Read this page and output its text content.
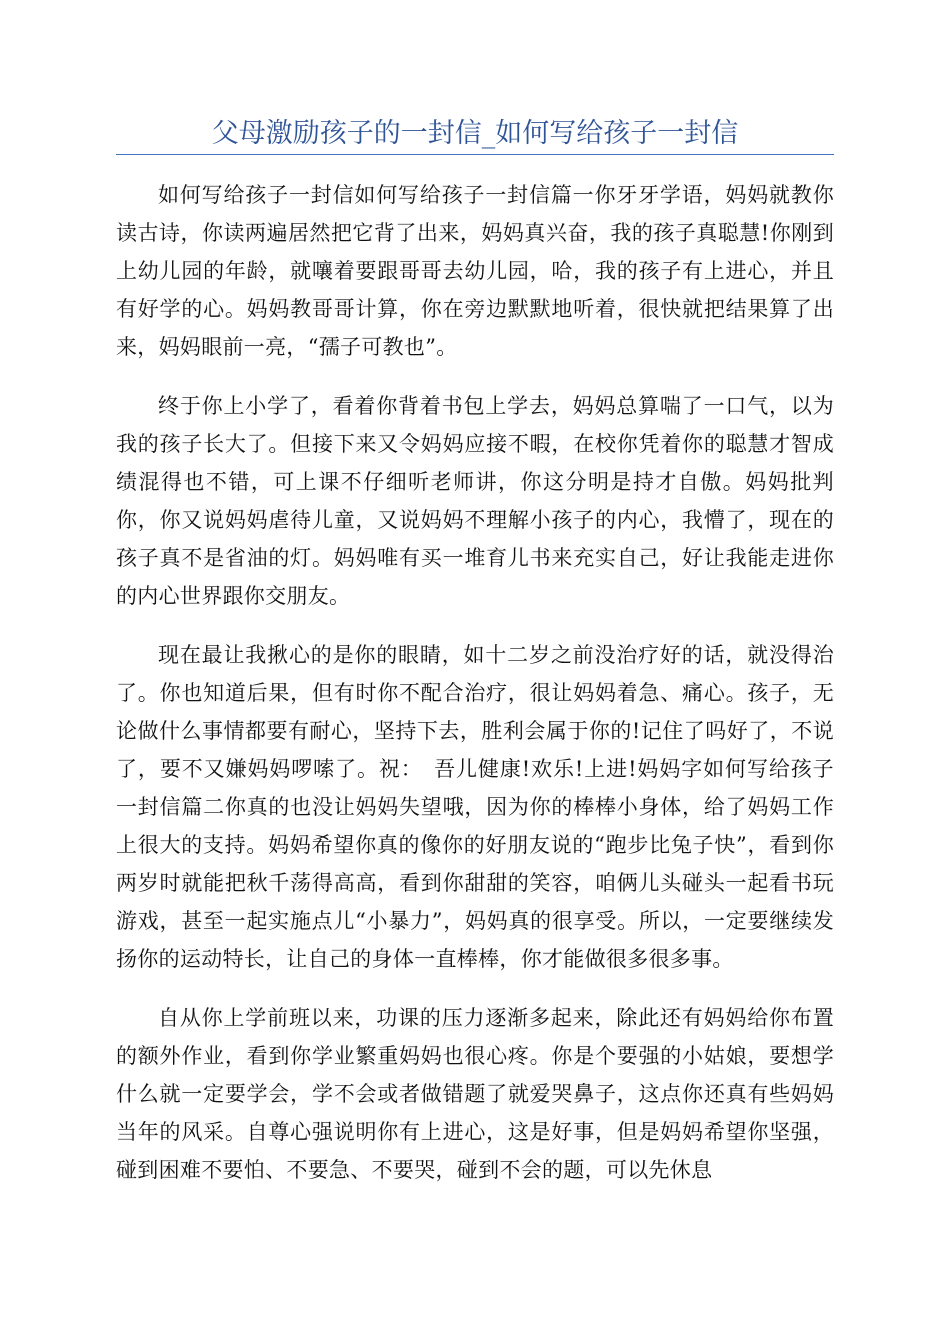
父母激励孩子的一封信_如何写给孩子一封信

如何写给孩子一封信如何写给孩子一封信篇一你牙牙学语，妈妈就教你读古诗，你读两遍居然把它背了出来，妈妈真兴奋，我的孩子真聪慧!你刚到上幼儿园的年龄，就嚷着要跟哥哥去幼儿园，哈，我的孩子有上进心，并且有好学的心。妈妈教哥哥计算，你在旁边默默地听着，很快就把结果算了出来，妈妈眼前一亮，“孺子可教也”。

终于你上小学了，看着你背着书包上学去，妈妈总算喘了一口气，以为我的孩子长大了。但接下来又令妈妈应接不暇，在校你凭着你的聪慧才智成绩混得也不错，可上课不仔细听老师讲，你这分明是持才自傲。妈妈批判你，你又说妈妈虐待儿童，又说妈妈不理解小孩子的内心，我懵了，现在的孩子真不是省油的灯。妈妈唯有买一堆育儿书来充实自己，好让我能走进你的内心世界跟你交朋友。

现在最让我揪心的是你的眼睛，如十二岁之前没治疗好的话，就没得治了。你也知道后果，但有时你不配合治疗，很让妈妈着急、痛心。孩子，无论做什么事情都要有耐心，坚持下去，胜利会属于你的!记住了吗好了，不说了，要不又嫌妈妈啰嗦了。祝：　吾儿健康!欢乐!上进!妈妈字如何写给孩子一封信篇二你真的也没让妈妈失望哦，因为你的棒棒小身体，给了妈妈工作上很大的支持。妈妈希望你真的像你的好朋友说的“跑步比兔子快”，看到你两岁时就能把秋千荡得高高，看到你甜甜的笑容，咱俩儿头碰头一起看书玩游戏，甚至一起实施点儿“小暴力”，妈妈真的很享受。所以，一定要继续发扬你的运动特长，让自己的身体一直棒棒，你才能做很多很多事。

自从你上学前班以来，功课的压力逐渐多起来，除此还有妈妈给你布置的额外作业，看到你学业繁重妈妈也很心疼。你是个要强的小姑娘，要想学什么就一定要学会，学不会或者做错题了就爱哭鼻子，这点你还真有些妈妈当年的风采。自尊心强说明你有上进心，这是好事，但是妈妈希望你坚强，碰到困难不要怕、不要急、不要哭，碰到不会的题，可以先休息
